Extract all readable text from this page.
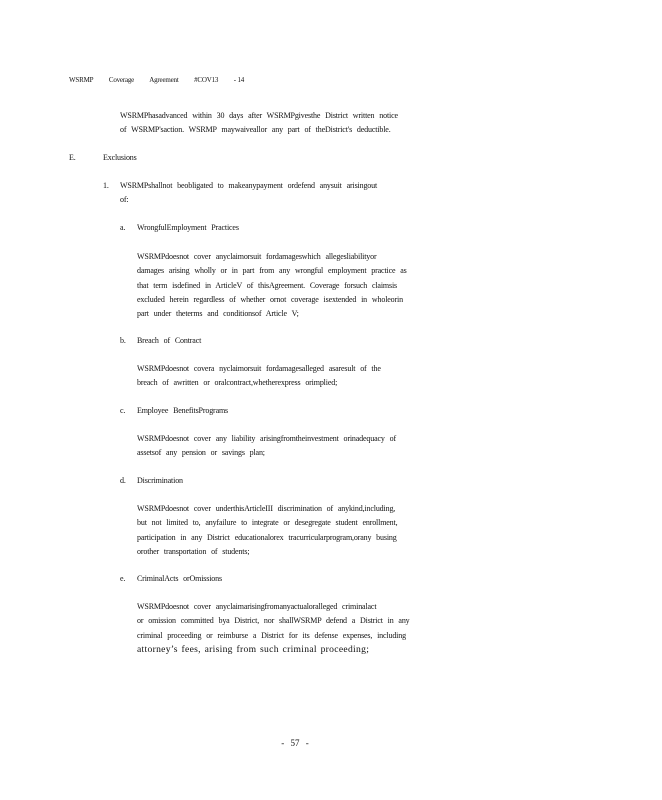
WSRMP Coverage Agreement #COV13 - 14

WSRMPhasadvanced within 30 days after WSRMPgivesthe District written notice

of WSRMP'saction. WSRMP maywaiveallor any part of theDistrict's deductible.

E.	Exclusions
1. WSRMPshallnot beobligated to makeanypayment ordefend anysuit arisingout

of:

a. WrongfulEmployment Practices

WSRMPdoesnot cover anyclaimorsuit fordamageswhich allegesliabilityor

damages arising wholly or in part from any wrongful employment practice as

that term isdefined in ArticleV of thisAgreement. Coverage forsuch claimsis

excluded herein regardless of whether ornot coverage isextended in wholeorin

part under theterms and conditionsof Article V;

b. Breach of Contract

WSRMPdoesnot covera nyclaimorsuit fordamagesalleged asaresult of the

breach of awritten or oralcontract,whetherexpress orimplied;

c. Employee BenefitsPrograms

WSRMPdoesnot cover any liability arisingfromtheinvestment orinadequacy of

assetsof any pension or savings plan;

d. Discrimination

WSRMPdoesnot cover underthisArticleIII discrimination of anykind,including,

but not limited to, anyfailure to integrate or desegregate student enrollment,

participation in any District educationalorex tracurricularprogram,orany busing

orother transportation of students;

e. CriminalActs orOmissions

WSRMPdoesnot cover anyclaimarisingfromanyactualoralleged criminalact

or omission committed bya District, nor shallWSRMP defend a District in any

criminal proceeding or reimburse a District for its defense expenses, including

attorney’s fees, arising from such criminal proceeding;

- 57 -
